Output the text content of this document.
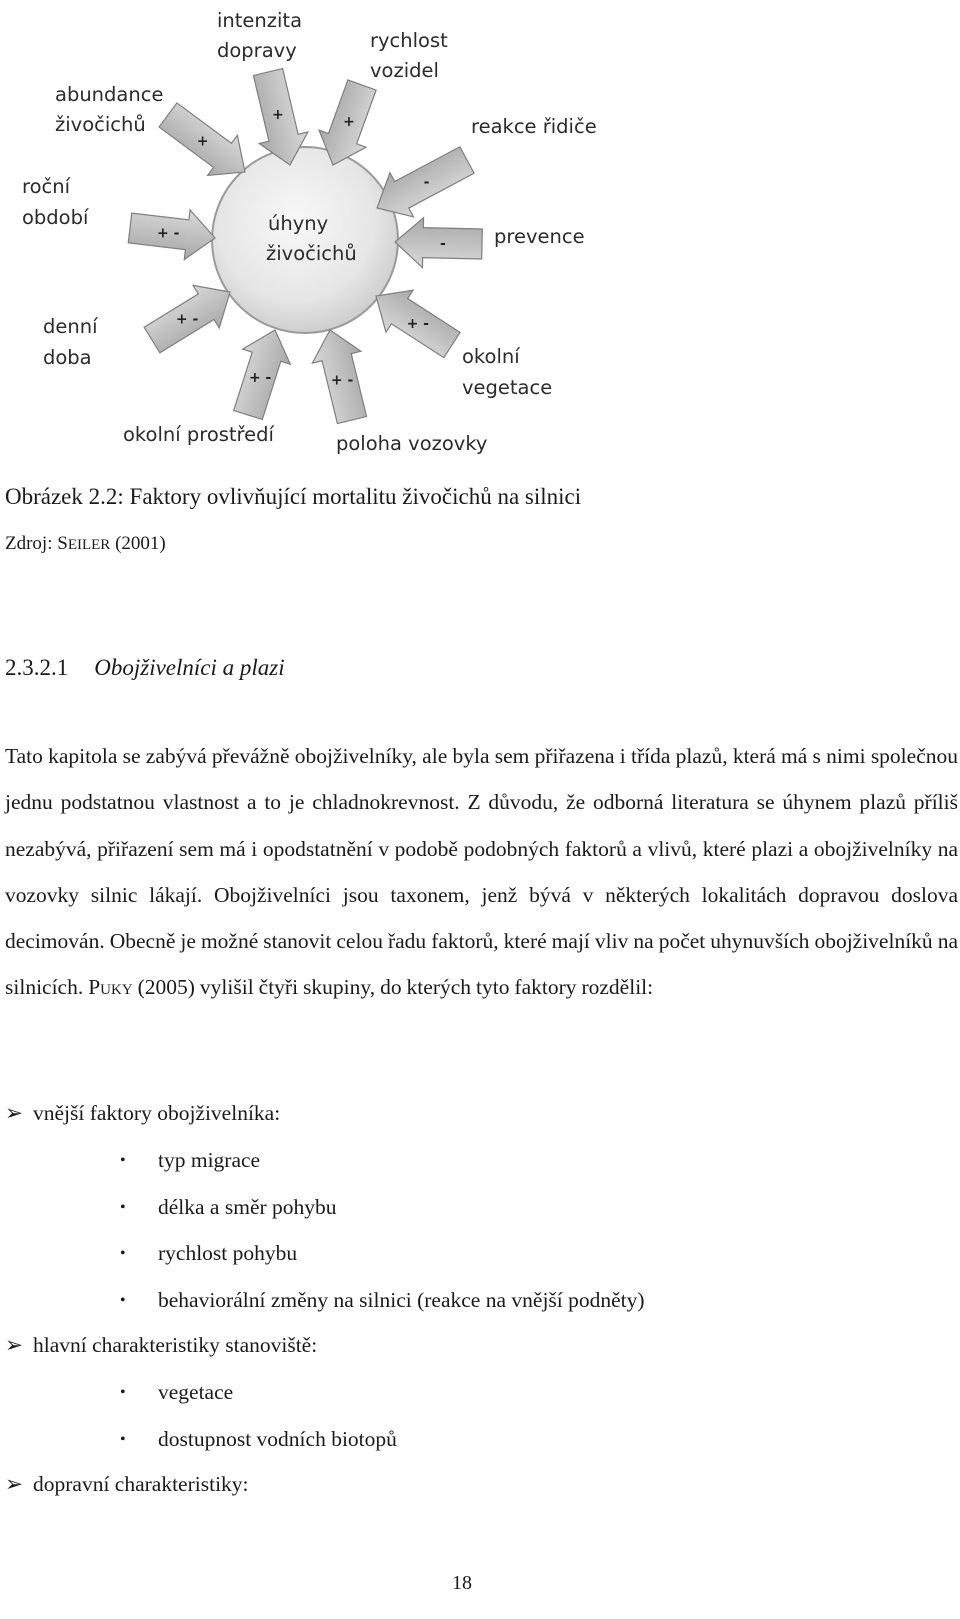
+	+
-
-
+ -
+ -
+ -
+ -
+ -
+
úhyny
živočichů
intenzita
dopravy	rychlost
vozidel
reakce řidiče
prevence
okolní
vegetace
poloha vozovky
okolní prostředí
denní
doba
roční
období
abundance
živočichů
Obrázek 2.2: Faktory ovlivňující mortalitu živočichů na silnici
Zdroj: SEILER (2001)
2.3.2.1 Obojživelníci a plazi

Tato kapitola se zabývá převážně obojživelníky, ale byla sem přiřazena i třída plazů, která má s nimi společnou jednu podstatnou vlastnost a to je chladnokrevnost. Z důvodu, že odborná literatura se úhynem plazů příliš nezabývá, přiřazení sem má i opodstatnění v podobě podobných faktorů a vlivů, které plazi a obojživelníky na vozovky silnic lákají. Obojživelníci jsou taxonem, jenž bývá v některých lokalitách dopravou doslova decimován. Obecně je možné stanovit celou řadu faktorů, které mají vliv na počet uhynuvších obojživelníků na silnicích. PUKY (2005) vylišil čtyři skupiny, do kterých tyto faktory rozdělil:

➢ vnější faktory obojživelníka:
• typ migrace
• délka a směr pohybu
• rychlost pohybu
• behaviorální změny na silnici (reakce na vnější podněty)
➢ hlavní charakteristiky stanoviště:
• vegetace
• dostupnost vodních biotopů
➢ dopravní charakteristiky:
18
